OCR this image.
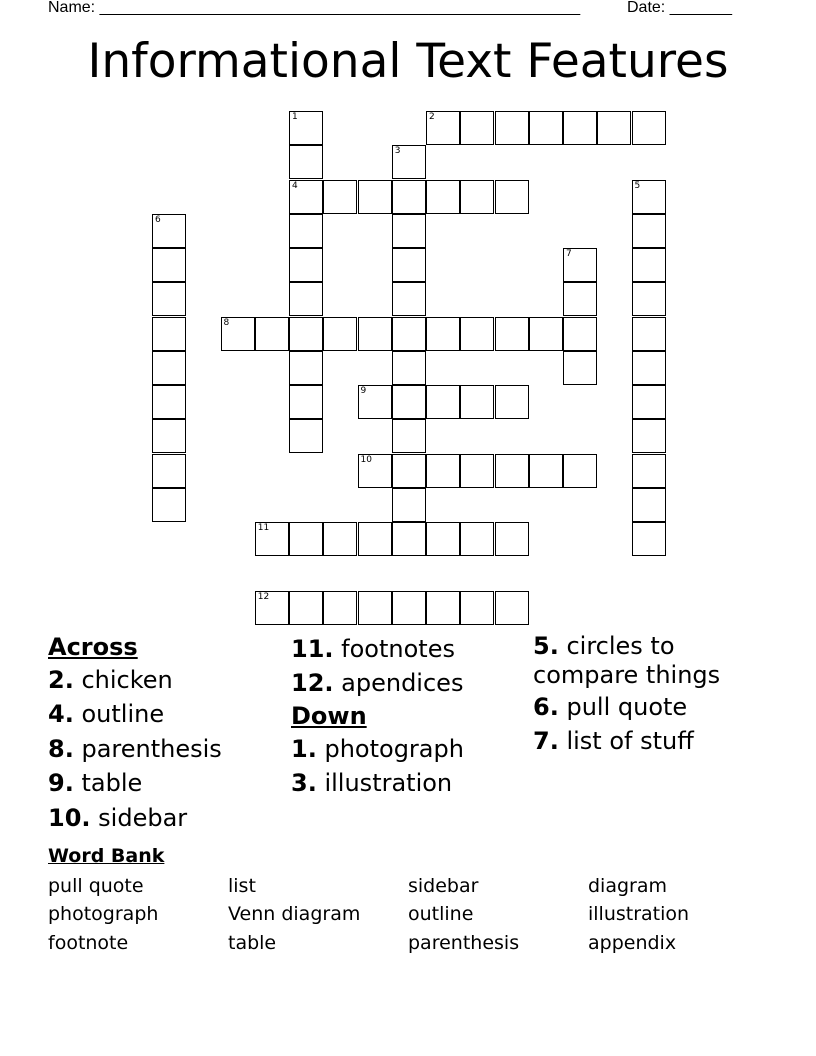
Name: ______________________________________________________	Date: _______
Informational Text Features
1
4
2
3
5
6
7
8
9
10
11
12
Across
2. chicken
4. outline
8. parenthesis
9. table
10. sidebar
11. footnotes
12. apendices
Down
1. photograph
3. illustration
5. circles to compare things
6. pull quote
7. list of stuff
Word Bank
pull quote	list	sidebar	diagram
photograph	Venn diagram	outline	illustration
footnote	table	parenthesis	appendix
